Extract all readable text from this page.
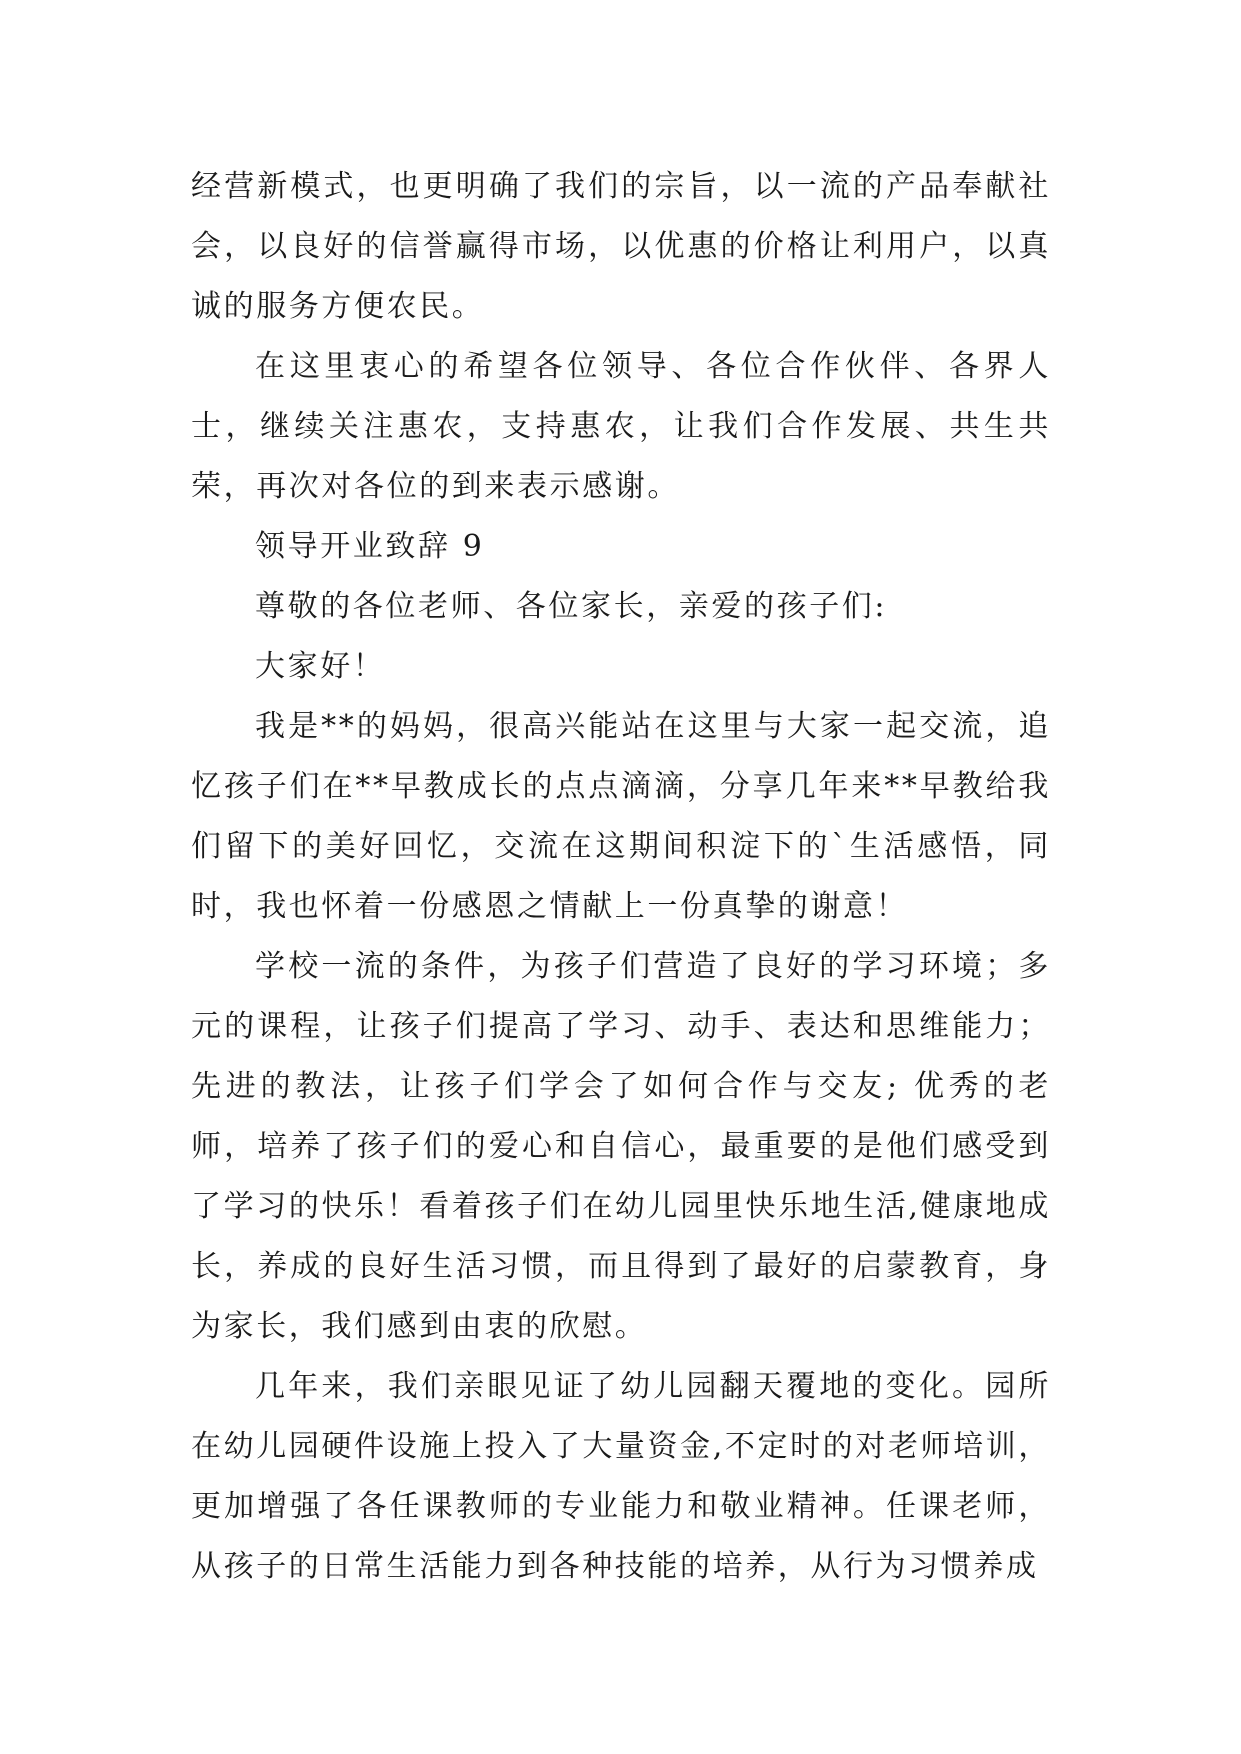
经营新模式，也更明确了我们的宗旨，以一流的产品奉献社会，以良好的信誉赢得市场，以优惠的价格让利用户，以真诚的服务方便农民。

在这里衷心的希望各位领导、各位合作伙伴、各界人士，继续关注惠农，支持惠农，让我们合作发展、共生共荣，再次对各位的到来表示感谢。

领导开业致辞 9

尊敬的各位老师、各位家长，亲爱的孩子们:

大家好！

我是**的妈妈，很高兴能站在这里与大家一起交流，追忆孩子们在**早教成长的点点滴滴，分享几年来**早教给我们留下的美好回忆，交流在这期间积淀下的`生活感悟，同时，我也怀着一份感恩之情献上一份真挚的谢意！

学校一流的条件，为孩子们营造了良好的学习环境；多元的课程，让孩子们提高了学习、动手、表达和思维能力；先进的教法，让孩子们学会了如何合作与交友; 优秀的老师，培养了孩子们的爱心和自信心，最重要的是他们感受到了学习的快乐！看着孩子们在幼儿园里快乐地生活,健康地成长，养成的良好生活习惯，而且得到了最好的启蒙教育，身为家长，我们感到由衷的欣慰。

几年来，我们亲眼见证了幼儿园翻天覆地的变化。园所在幼儿园硬件设施上投入了大量资金,不定时的对老师培训，更加增强了各任课教师的专业能力和敬业精神。任课老师，从孩子的日常生活能力到各种技能的培养，从行为习惯养成
